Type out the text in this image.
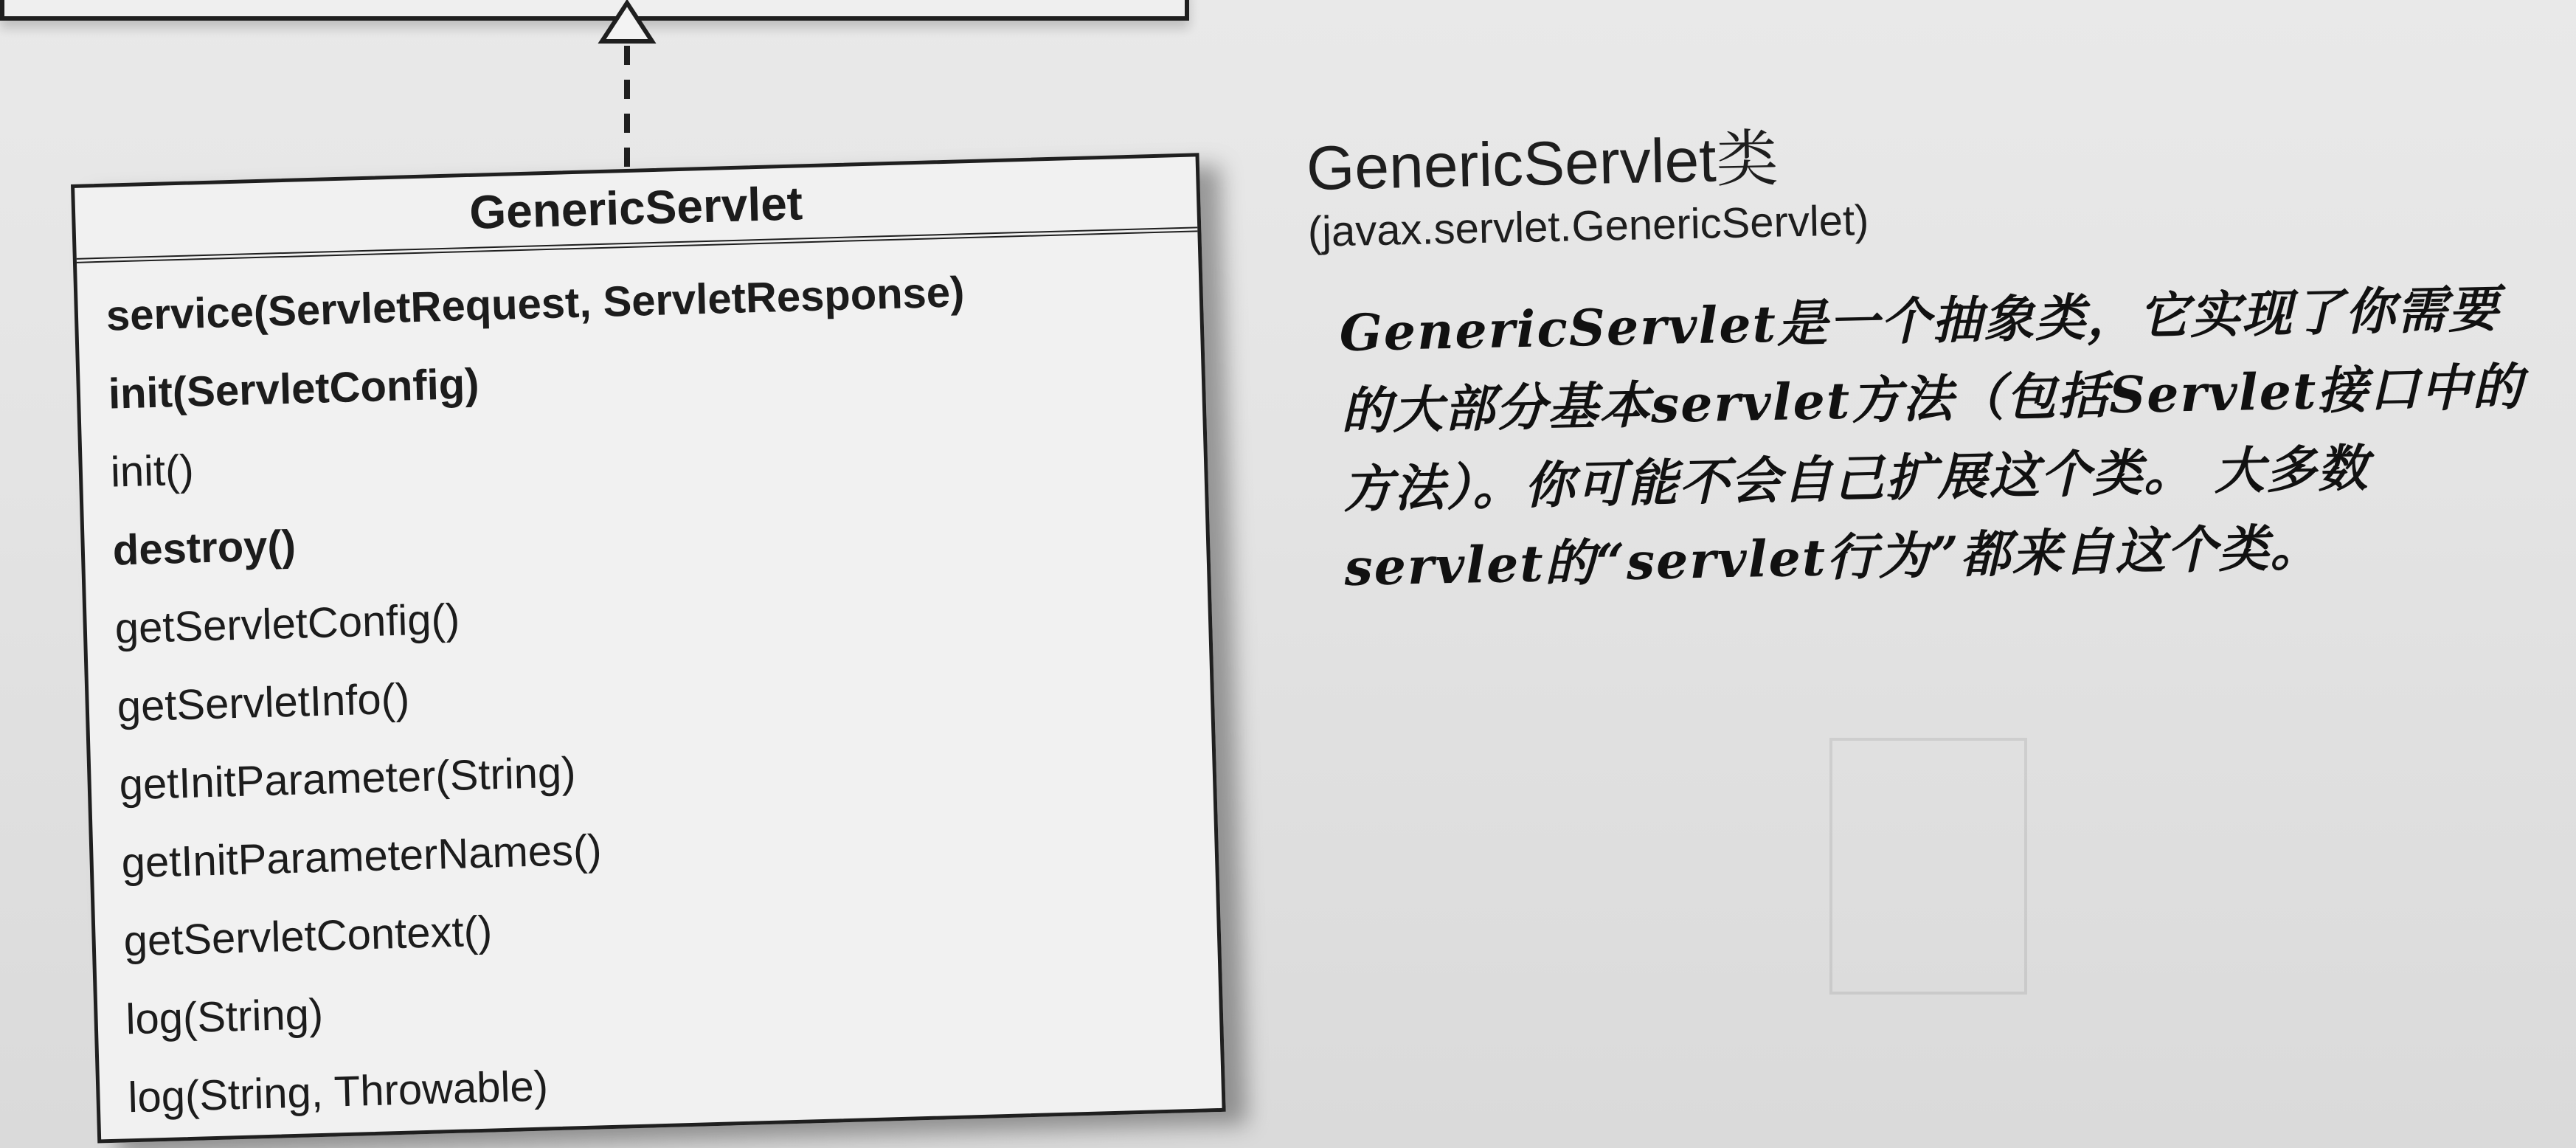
GenericServlet
service(ServletRequest, ServletResponse)
init(ServletConfig)
init()
destroy()
getServletConfig()
getServletInfo()
getInitParameter(String)
getInitParameterNames()
getServletContext()
log(String)
log(String, Throwable)
GenericServlet类
(javax.servlet.GenericServlet)
GenericServlet是一个抽象类，它实现了你需要的大部分基本servlet方法（包括Servlet接口中的方法）。你可能不会自己扩展这个类。 大多数servlet的“servlet行为”都来自这个类。
